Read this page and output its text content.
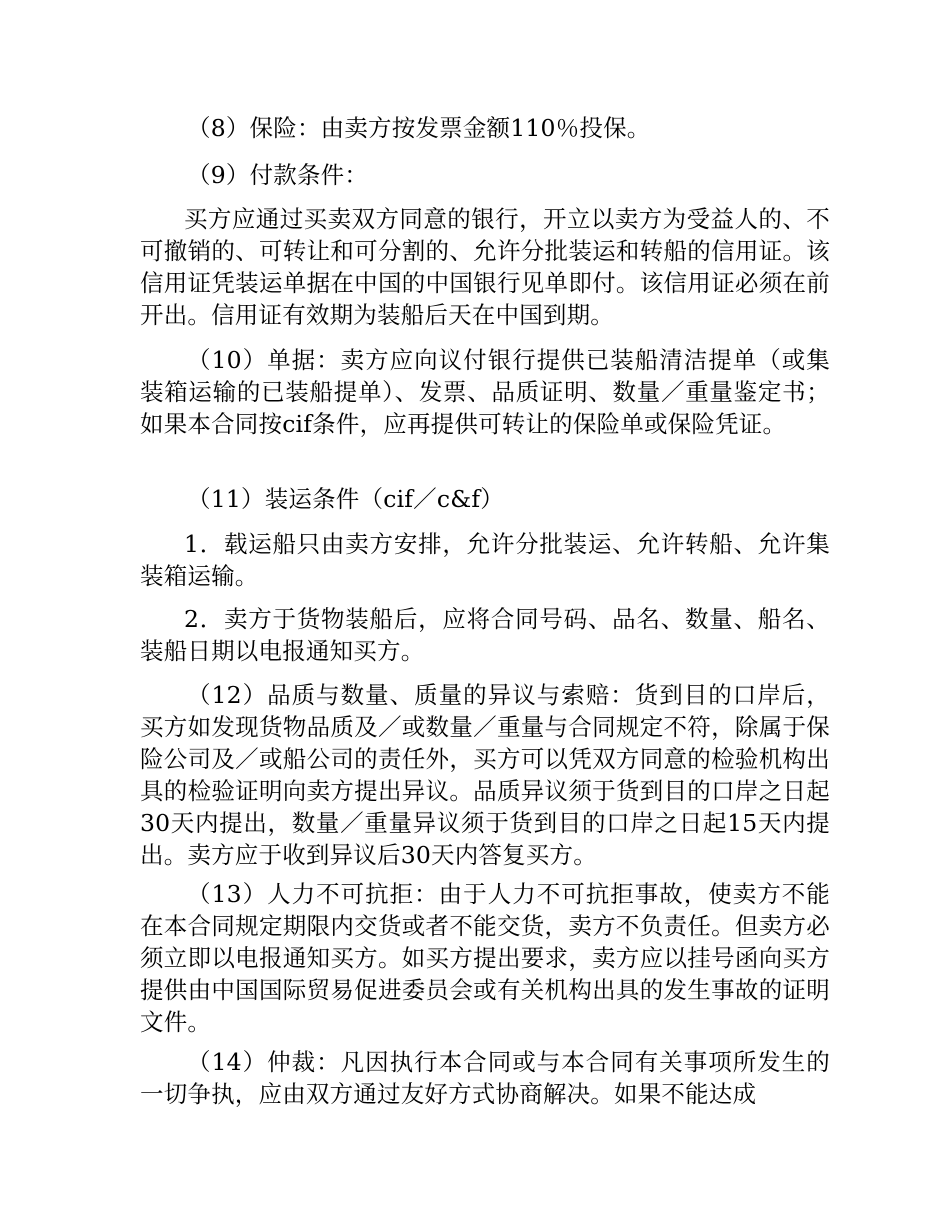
（8）保险：由卖方按发票金额110％投保。

（9）付款条件：

买方应通过买卖双方同意的银行，开立以卖方为受益人的、不可撤销的、可转让和可分割的、允许分批装运和转船的信用证。该信用证凭装运单据在中国的中国银行见单即付。该信用证必须在前开出。信用证有效期为装船后天在中国到期。

（10）单据：卖方应向议付银行提供已装船清洁提单（或集装箱运输的已装船提单）、发票、品质证明、数量／重量鉴定书；如果本合同按cif条件，应再提供可转让的保险单或保险凭证。

（11）装运条件（cif／c&f）

1．载运船只由卖方安排，允许分批装运、允许转船、允许集装箱运输。

2．卖方于货物装船后，应将合同号码、品名、数量、船名、装船日期以电报通知买方。

（12）品质与数量、质量的异议与索赔：货到目的口岸后，买方如发现货物品质及／或数量／重量与合同规定不符，除属于保险公司及／或船公司的责任外，买方可以凭双方同意的检验机构出具的检验证明向卖方提出异议。品质异议须于货到目的口岸之日起30天内提出，数量／重量异议须于货到目的口岸之日起15天内提出。卖方应于收到异议后30天内答复买方。

（13）人力不可抗拒：由于人力不可抗拒事故，使卖方不能在本合同规定期限内交货或者不能交货，卖方不负责任。但卖方必须立即以电报通知买方。如买方提出要求，卖方应以挂号函向买方提供由中国国际贸易促进委员会或有关机构出具的发生事故的证明文件。

（14）仲裁：凡因执行本合同或与本合同有关事项所发生的一切争执，应由双方通过友好方式协商解决。如果不能达成
